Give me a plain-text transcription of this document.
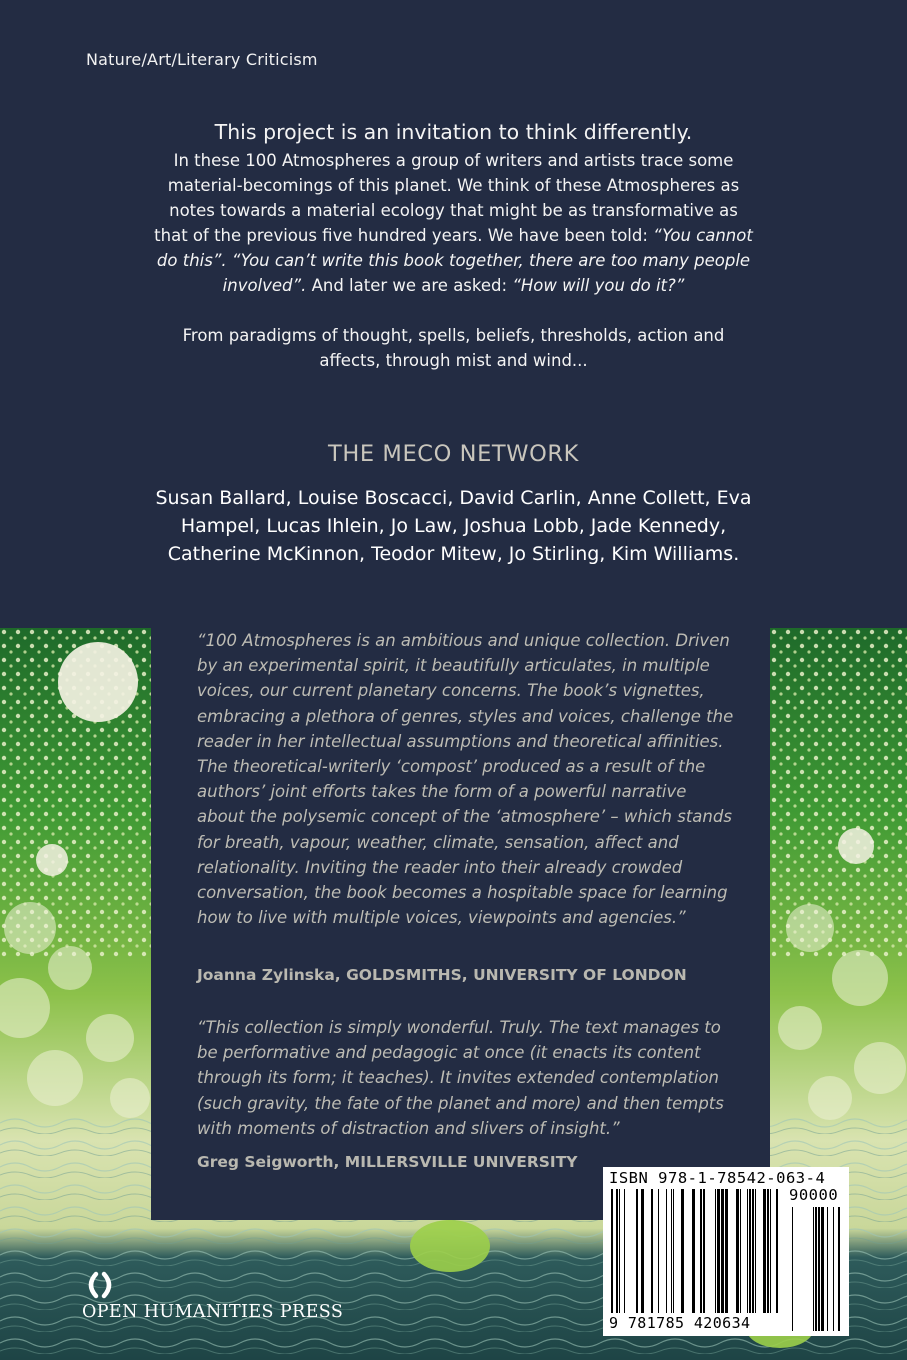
Nature/Art/Literary Criticism
This project is an invitation to think differently.

In these 100 Atmospheres a group of writers and artists trace some material-becomings of this planet. We think of these Atmospheres as notes towards a material ecology that might be as transformative as that of the previous five hundred years. We have been told: “You cannot do this”. “You can’t write this book together, there are too many people involved”. And later we are asked: “How will you do it?”

From paradigms of thought, spells, beliefs, thresholds, action and affects, through mist and wind...

THE MECO NETWORK
Susan Ballard, Louise Boscacci, David Carlin, Anne Collett, Eva Hampel, Lucas Ihlein, Jo Law, Joshua Lobb, Jade Kennedy, Catherine McKinnon, Teodor Mitew, Jo Stirling, Kim Williams.

“100 Atmospheres is an ambitious and unique collection. Driven by an experimental spirit, it beautifully articulates, in multiple voices, our current planetary concerns. The book’s vignettes, embracing a plethora of genres, styles and voices, challenge the reader in her intellectual assumptions and theoretical affinities. The theoretical-writerly ‘compost’ produced as a result of the authors’ joint efforts takes the form of a powerful narrative about the polysemic concept of the ‘atmosphere’ – which stands for breath, vapour, weather, climate, sensation, affect and relationality. Inviting the reader into their already crowded conversation, the book becomes a hospitable space for learning how to live with multiple voices, viewpoints and agencies.”

Joanna Zylinska, GOLDSMITHS, UNIVERSITY OF LONDON

“This collection is simply wonderful. Truly. The text manages to be performative and pedagogic at once (it enacts its content through its form; it teaches). It invites extended contemplation (such gravity, the fate of the planet and more) and then tempts with moments of distraction and slivers of insight.”

Greg Seigworth, MILLERSVILLE UNIVERSITY

ISBN 978-1-78542-063-4
90000
9 781785 420634
OPEN HUMANITIES PRESS
